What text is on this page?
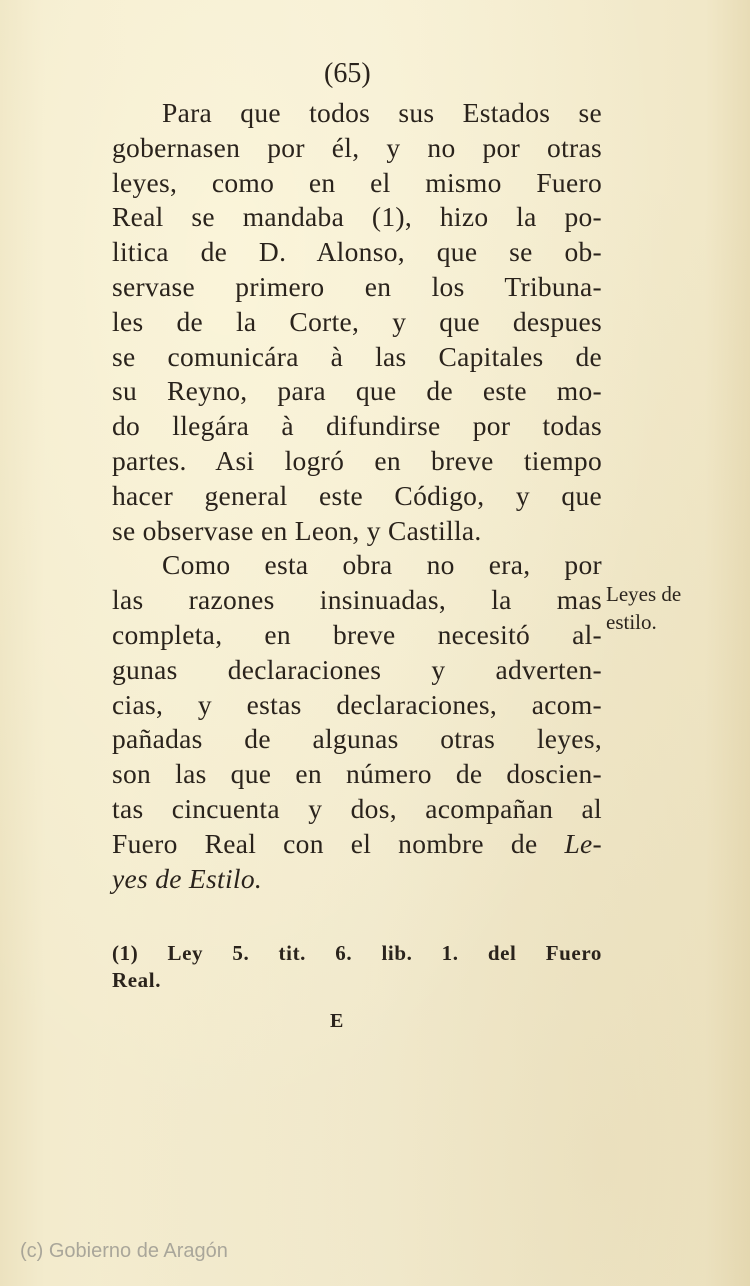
(65)
Para que todos sus Estados se
gobernasen por él, y no por otras
leyes, como en el mismo Fuero
Real se mandaba (1), hizo la po-
litica de D. Alonso, que se ob-
servase primero en los Tribuna-
les de la Corte, y que despues
se comunicára à las Capitales de
su Reyno, para que de este mo-
do llegára à difundirse por todas
partes. Asi logró en breve tiempo
hacer general este Código, y que
se observase en Leon, y Castilla.
Como esta obra no era, por
las razones insinuadas, la mas
completa, en breve necesitó al-
gunas declaraciones y adverten-
cias, y estas declaraciones, acom-
pañadas de algunas otras leyes,
son las que en número de doscien-
tas cincuenta y dos, acompañan al
Fuero Real con el nombre de Le-
yes de Estilo.
Leyes de
estilo.
(1) Ley 5. tit. 6. lib. 1. del Fuero
Real.
E
(c) Gobierno de Aragón
